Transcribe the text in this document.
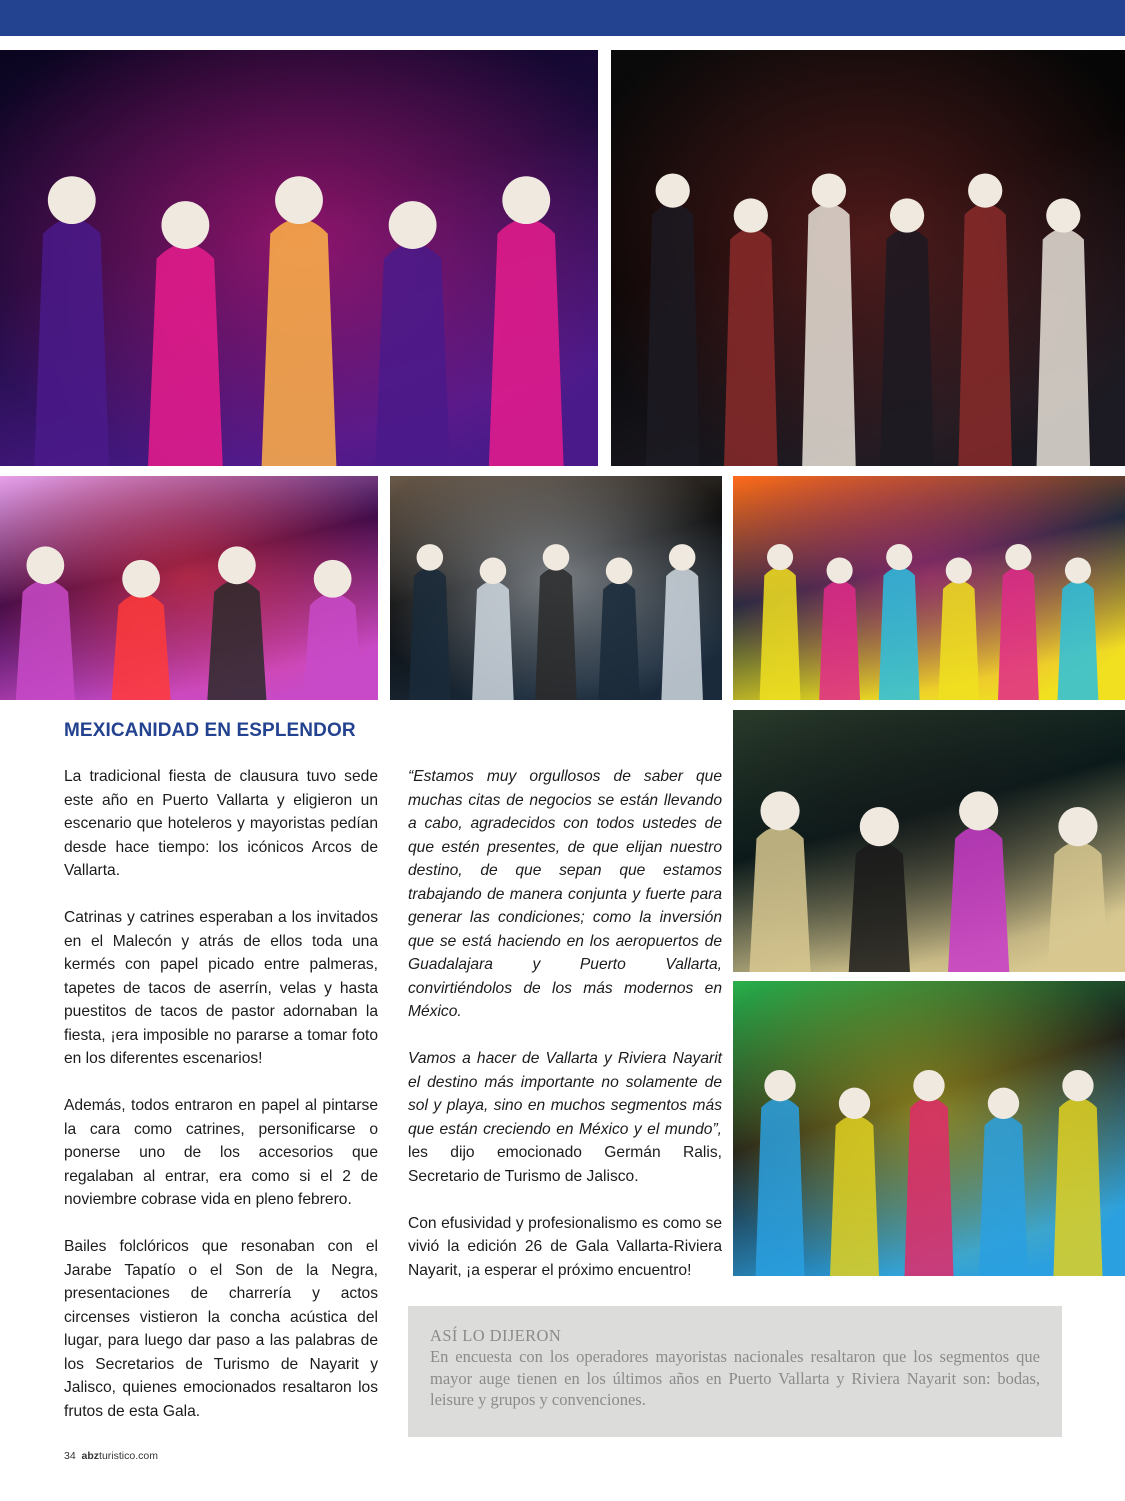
MEXICANIDAD EN ESPLENDOR

La tradicional fiesta de clausura tuvo sede este año en Puerto Vallarta y eligieron un escenario que hoteleros y mayoristas pedían desde hace tiempo: los icónicos Arcos de Vallarta.

Catrinas y catrines esperaban a los invitados en el Malecón y atrás de ellos toda una kermés con papel picado entre palmeras, tapetes de tacos de aserrín, velas y hasta puestitos de tacos de pastor adornaban la fiesta, ¡era imposible no pararse a tomar foto en los diferentes escenarios!

Además, todos entraron en papel al pintarse la cara como catrines, personificarse o ponerse uno de los accesorios que regalaban al entrar, era como si el 2 de noviembre cobrase vida en pleno febrero.

Bailes folclóricos que resonaban con el Jarabe Tapatío o el Son de la Negra, presentaciones de charrería y actos circenses vistieron la concha acústica del lugar, para luego dar paso a las palabras de los Secretarios de Turismo de Nayarit y Jalisco, quienes emocionados resaltaron los frutos de esta Gala.

“Estamos muy orgullosos de saber que muchas citas de negocios se están llevando a cabo, agradecidos con todos ustedes de que estén presentes, de que elijan nuestro destino, de que sepan que estamos trabajando de manera conjunta y fuerte para generar las condiciones; como la inversión que se está haciendo en los aeropuertos de Guadalajara y Puerto Vallarta, convirtiéndolos de los más modernos en México.

Vamos a hacer de Vallarta y Riviera Nayarit el destino más importante no solamente de sol y playa, sino en muchos segmentos más que están creciendo en México y el mundo”, les dijo emocionado Germán Ralis, Secretario de Turismo de Jalisco.

Con efusividad y profesionalismo es como se vivió la edición 26 de Gala Vallarta-Riviera Nayarit, ¡a esperar el próximo encuentro!

ASÍ LO DIJERON
En encuesta con los operadores mayoristas nacionales resaltaron que los segmentos que mayor auge tienen en los últimos años en Puerto Vallarta y Riviera Nayarit son: bodas, leisure y grupos y convenciones.
34 abzturistico.com
